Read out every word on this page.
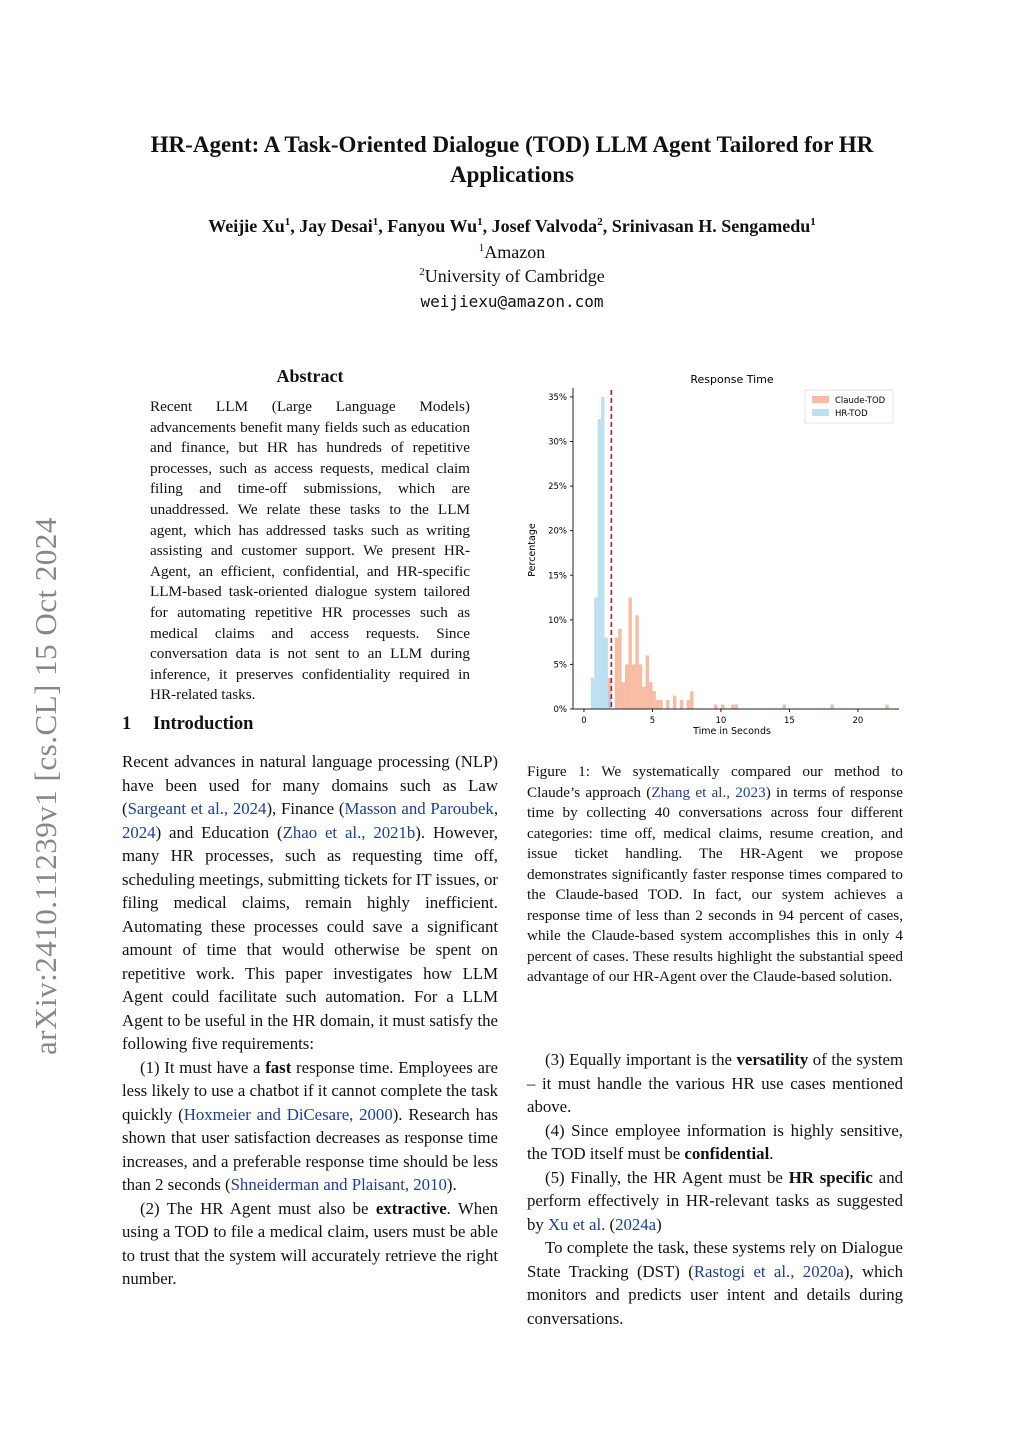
HR-Agent: A Task-Oriented Dialogue (TOD) LLM Agent Tailored for HR Applications
Weijie Xu$^1$, Jay Desai$^1$, Fanyou Wu$^1$, Josef Valvoda$^2$, Srinivasan H. Sengamedu$^1$
$^1$Amazon
$^2$University of Cambridge
weijiexu@amazon.com
arXiv:2410.11239v1 [cs.CL] 15 Oct 2024
Abstract
Recent LLM (Large Language Models) advancements benefit many fields such as education and finance, but HR has hundreds of repetitive processes, such as access requests, medical claim filing and time-off submissions, which are unaddressed. We relate these tasks to the LLM agent, which has addressed tasks such as writing assisting and customer support. We present HR-Agent, an efficient, confidential, and HR-specific LLM-based task-oriented dialogue system tailored for automating repetitive HR processes such as medical claims and access requests. Since conversation data is not sent to an LLM during inference, it preserves confidentiality required in HR-related tasks.
1 Introduction

Recent advances in natural language processing (NLP) have been used for many domains such as Law (Sargeant et al., 2024), Finance (Masson and Paroubek, 2024) and Education (Zhao et al., 2021b). However, many HR processes, such as requesting time off, scheduling meetings, submitting tickets for IT issues, or filing medical claims, remain highly inefficient. Automating these processes could save a significant amount of time that would otherwise be spent on repetitive work. This paper investigates how LLM Agent could facilitate such automation. For a LLM Agent to be useful in the HR domain, it must satisfy the following five requirements:

(1) It must have a fast response time. Employees are less likely to use a chatbot if it cannot complete the task quickly (Hoxmeier and DiCesare, 2000). Research has shown that user satisfaction decreases as response time increases, and a preferable response time should be less than 2 seconds (Shneiderman and Plaisant, 2010).

(2) The HR Agent must also be extractive. When using a TOD to file a medical claim, users must be able to trust that the system will accurately retrieve the right number.

Response Time
0%
5%
10%
15%
20%
25%
30%
35%
0	5	10	15	20
Time in Seconds
Percentage
Claude-TOD
HR-TOD
Figure 1: We systematically compared our method to Claude’s approach (Zhang et al., 2023) in terms of response time by collecting 40 conversations across four different categories: time off, medical claims, resume creation, and issue ticket handling. The HR-Agent we propose demonstrates significantly faster response times compared to the Claude-based TOD. In fact, our system achieves a response time of less than 2 seconds in 94 percent of cases, while the Claude-based system accomplishes this in only 4 percent of cases. These results highlight the substantial speed advantage of our HR-Agent over the Claude-based solution.

(3) Equally important is the versatility of the system – it must handle the various HR use cases mentioned above.

(4) Since employee information is highly sensitive, the TOD itself must be confidential.

(5) Finally, the HR Agent must be HR specific and perform effectively in HR-relevant tasks as suggested by Xu et al. (2024a)

To complete the task, these systems rely on Dialogue State Tracking (DST) (Rastogi et al., 2020a), which monitors and predicts user intent and details during conversations.
